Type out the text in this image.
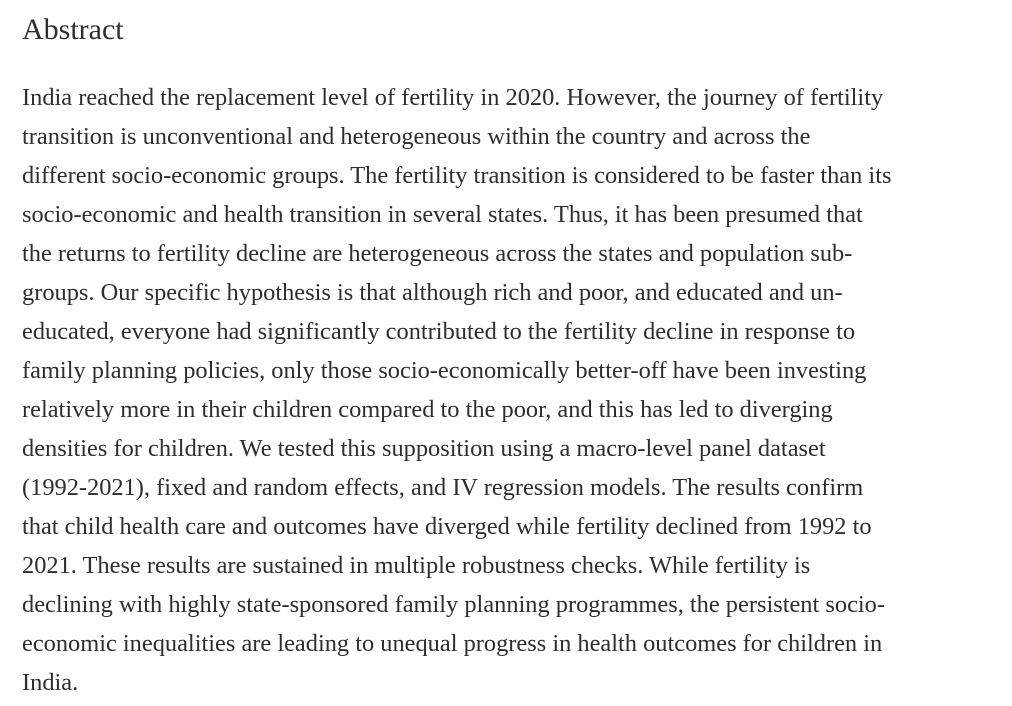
Abstract

India reached the replacement level of fertility in 2020. However, the journey of fertility
transition is unconventional and heterogeneous within the country and across the
different socio-economic groups. The fertility transition is considered to be faster than its
socio-economic and health transition in several states. Thus, it has been presumed that
the returns to fertility decline are heterogeneous across the states and population sub-
groups. Our specific hypothesis is that although rich and poor, and educated and un-
educated, everyone had significantly contributed to the fertility decline in response to
family planning policies, only those socio-economically better-off have been investing
relatively more in their children compared to the poor, and this has led to diverging
densities for children. We tested this supposition using a macro-level panel dataset
(1992-2021), fixed and random effects, and IV regression models. The results confirm
that child health care and outcomes have diverged while fertility declined from 1992 to
2021. These results are sustained in multiple robustness checks. While fertility is
declining with highly state-sponsored family planning programmes, the persistent socio-
economic inequalities are leading to unequal progress in health outcomes for children in
India.
